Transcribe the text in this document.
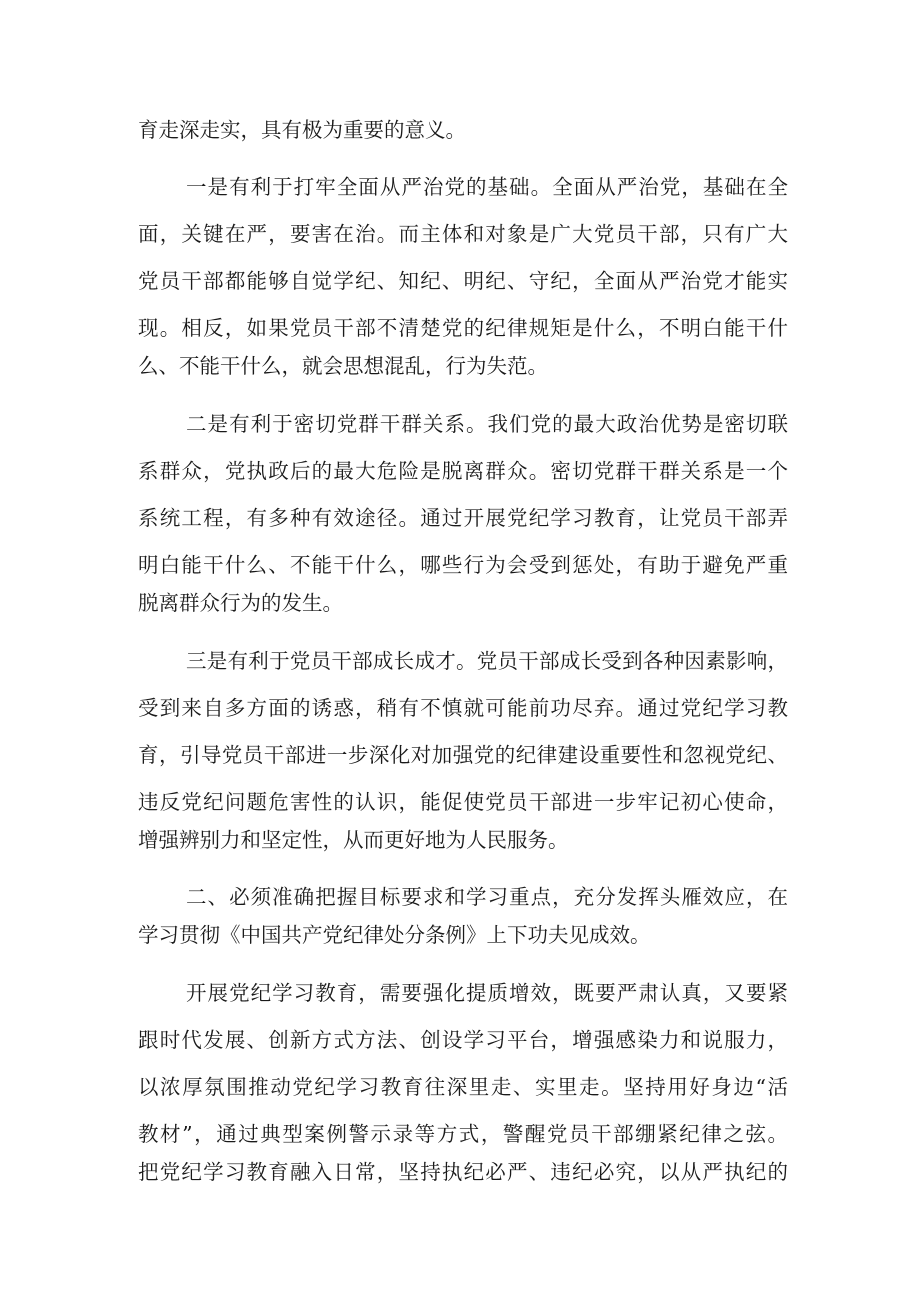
育走深走实，具有极为重要的意义。

一是有利于打牢全面从严治党的基础。全面从严治党，基础在全

面，关键在严，要害在治。而主体和对象是广大党员干部，只有广大

党员干部都能够自觉学纪、知纪、明纪、守纪，全面从严治党才能实

现。相反，如果党员干部不清楚党的纪律规矩是什么，不明白能干什

么、不能干什么，就会思想混乱，行为失范。

二是有利于密切党群干群关系。我们党的最大政治优势是密切联

系群众，党执政后的最大危险是脱离群众。密切党群干群关系是一个

系统工程，有多种有效途径。通过开展党纪学习教育，让党员干部弄

明白能干什么、不能干什么，哪些行为会受到惩处，有助于避免严重

脱离群众行为的发生。

三是有利于党员干部成长成才。党员干部成长受到各种因素影响，

受到来自多方面的诱惑，稍有不慎就可能前功尽弃。通过党纪学习教

育，引导党员干部进一步深化对加强党的纪律建设重要性和忽视党纪、

违反党纪问题危害性的认识，能促使党员干部进一步牢记初心使命，

增强辨别力和坚定性，从而更好地为人民服务。

二、必须准确把握目标要求和学习重点，充分发挥头雁效应，在

学习贯彻《中国共产党纪律处分条例》上下功夫见成效。

开展党纪学习教育，需要强化提质增效，既要严肃认真，又要紧

跟时代发展、创新方式方法、创设学习平台，增强感染力和说服力，

以浓厚氛围推动党纪学习教育往深里走、实里走。坚持用好身边“活

教材”，通过典型案例警示录等方式，警醒党员干部绷紧纪律之弦。

把党纪学习教育融入日常，坚持执纪必严、违纪必究，以从严执纪的
